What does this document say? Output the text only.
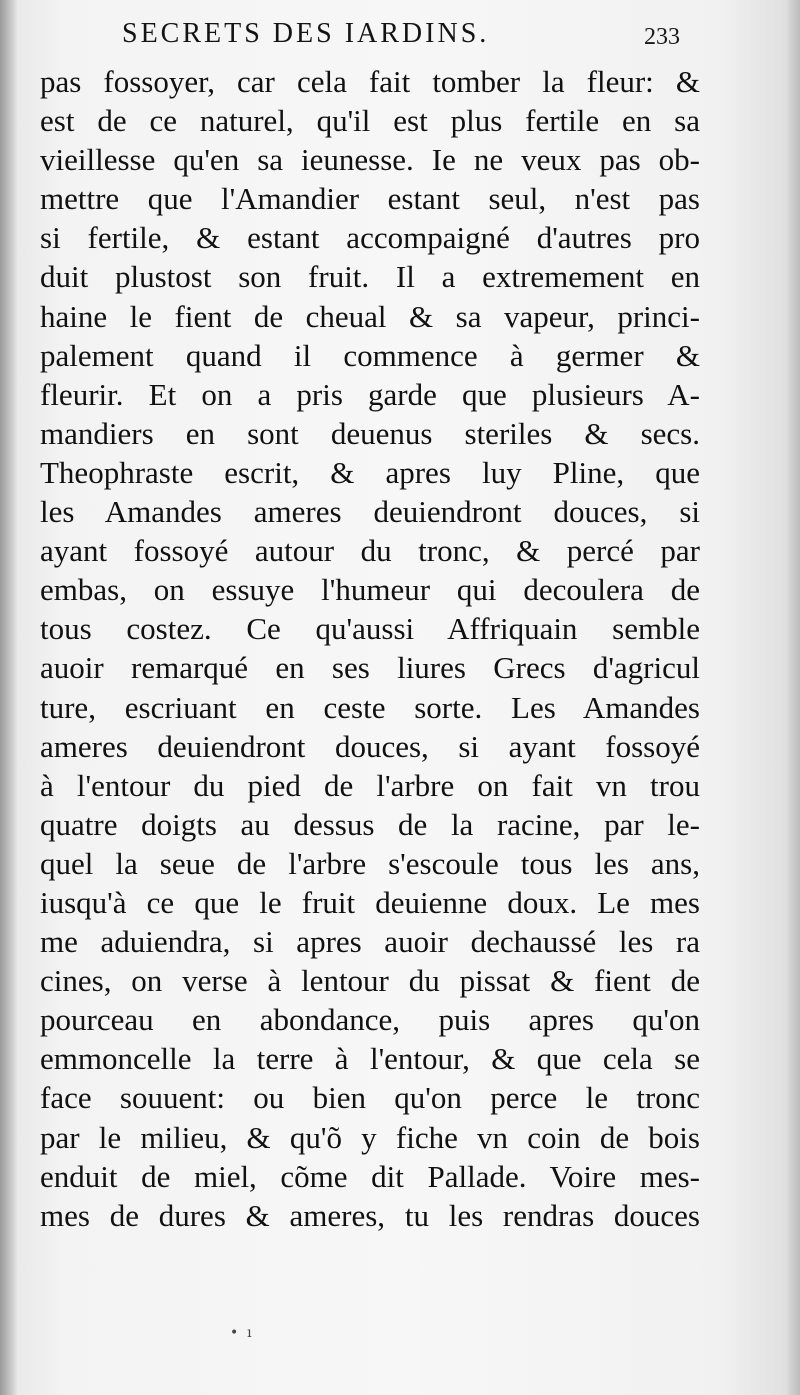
SECRETS DES IARDINS.	233
pas fossoyer, car cela fait tomber la fleur: &
est de ce naturel, qu'il est plus fertile en sa
vieillesse qu'en sa ieunesse. Ie ne veux pas ob-
mettre que l'Amandier estant seul, n'est pas
si fertile, & estant accompaigné d'autres pro
duit plustost son fruit. Il a extremement en
haine le fient de cheual & sa vapeur, princi-
palement quand il commence à germer &
fleurir. Et on a pris garde que plusieurs A-
mandiers en sont deuenus steriles & secs.
Theophraste escrit, & apres luy Pline, que
les Amandes ameres deuiendront douces, si
ayant fossoyé autour du tronc, & percé par
embas, on essuye l'humeur qui decoulera de
tous costez. Ce qu'aussi Affriquain semble
auoir remarqué en ses liures Grecs d'agricul
ture, escriuant en ceste sorte. Les Amandes
ameres deuiendront douces, si ayant fossoyé
à l'entour du pied de l'arbre on fait vn trou
quatre doigts au dessus de la racine, par le-
quel la seue de l'arbre s'escoule tous les ans,
iusqu'à ce que le fruit deuienne doux. Le mes
me aduiendra, si apres auoir dechaussé les ra
cines, on verse à lentour du pissat & fient de
pourceau en abondance, puis apres qu'on
emmoncelle la terre à l'entour, & que cela se
face souuent: ou bien qu'on perce le tronc
par le milieu, & qu'õ y fiche vn coin de bois
enduit de miel, cõme dit Pallade. Voire mes-
mes de dures & ameres, tu les rendras douces
•  ı
